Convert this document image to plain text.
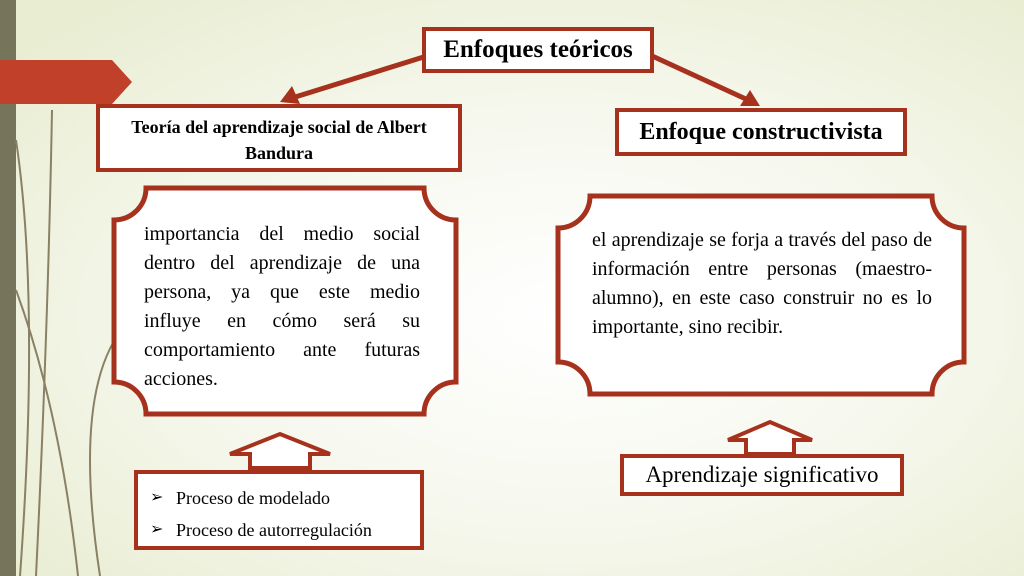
Enfoques teóricos
Teoría del aprendizaje social de Albert Bandura
Enfoque constructivista
importancia del medio social dentro del aprendizaje de una persona, ya que este medio influye en cómo será su comportamiento ante futuras acciones.
el aprendizaje se forja a través del paso de información entre personas (maestro-alumno), en este caso construir no es lo importante, sino recibir.
➢ Proceso de modelado
➢ Proceso de autorregulación
Aprendizaje significativo
